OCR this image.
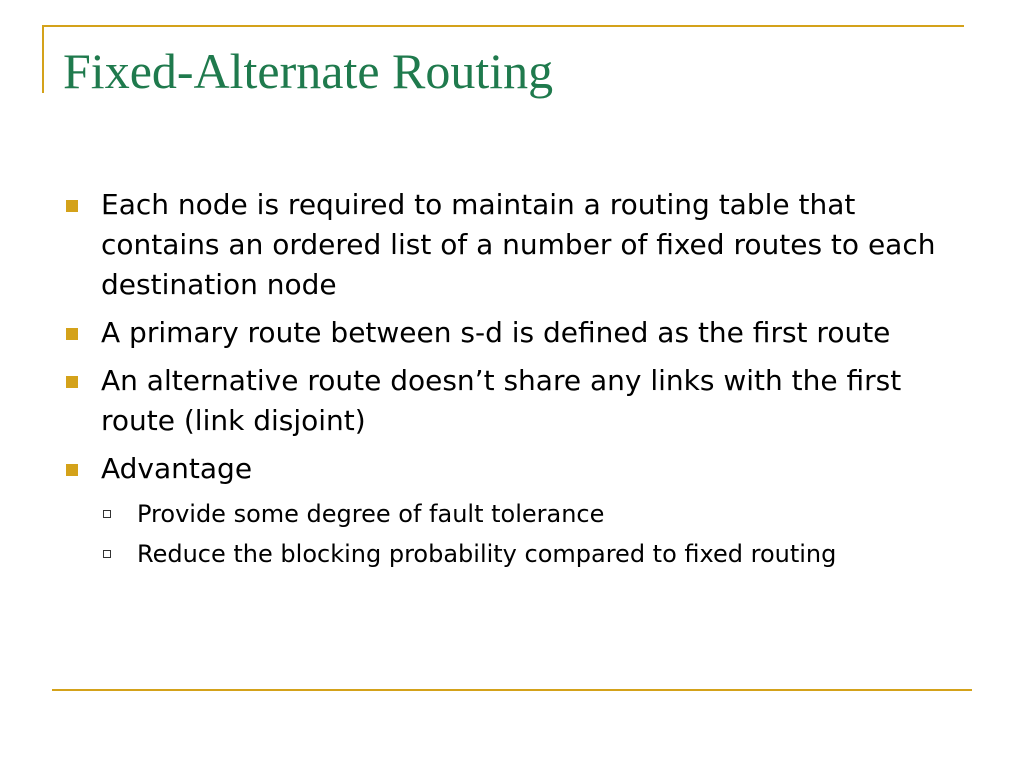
Fixed-Alternate Routing
Each node is required to maintain a routing table that contains an ordered list of a number of fixed routes to each destination node
A primary route between s-d is defined as the first route
An alternative route doesn’t share any links with the first route (link disjoint)
Advantage
Provide some degree of fault tolerance
Reduce the blocking probability compared to fixed routing
